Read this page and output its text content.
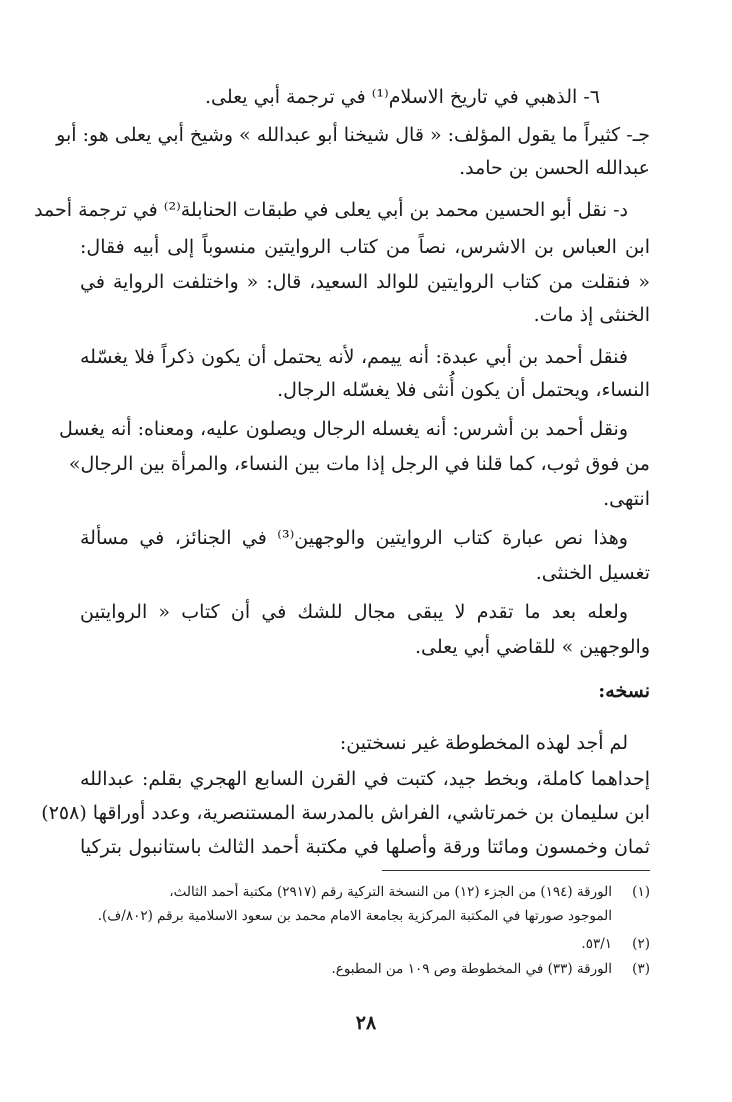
٦- الذهبي في تاريخ الاسلام⁽¹⁾ في ترجمة أبي يعلى.
جـ- كثيراً ما يقول المؤلف: « قال شيخنا أبو عبدالله » وشيخ أبي يعلى هو: أبو
عبدالله الحسن بن حامد.
د- نقل أبو الحسين محمد بن أبي يعلى في طبقات الحنابلة⁽²⁾ في ترجمة أحمد
ابن العباس بن الاشرس، نصاً من كتاب الروايتين منسوباً إلى أبيه فقال:
« فنقلت من كتاب الروايتين للوالد السعيد، قال: « واختلفت الرواية في
الخنثى إذ مات.
فنقل أحمد بن أبي عبدة: أنه ييمم، لأنه يحتمل أن يكون ذكراً فلا يغسّله
النساء، ويحتمل أن يكون أُنثى فلا يغسّله الرجال.
ونقل أحمد بن أشرس: أنه يغسله الرجال ويصلون عليه، ومعناه: أنه يغسل
من فوق ثوب، كما قلنا في الرجل إذا مات بين النساء، والمرأة بين الرجال»
انتهى.
وهذا نص عبارة كتاب الروايتين والوجهين⁽³⁾ في الجنائز، في مسألة
تغسيل الخنثى.
ولعله بعد ما تقدم لا يبقى مجال للشك في أن كتاب « الروايتين
والوجهين » للقاضي أبي يعلى.
لم أجد لهذه المخطوطة غير نسختين:
إحداهما كاملة، وبخط جيد، كتبت في القرن السابع الهجري بقلم: عبدالله
ابن سليمان بن خمرتاشي، الفراش بالمدرسة المستنصرية، وعدد أوراقها (٢٥٨)
ثمان وخمسون ومائتا ورقة وأصلها في مكتبة أحمد الثالث باستانبول بتركيا
نسخه:
(١)الورقة (١٩٤) من الجزء (١٢) من النسخة التركية رقم (٢٩١٧) مكتبة أحمد الثالث،
الموجود صورتها في المكتبة المركزية بجامعة الامام محمد بن سعود الاسلامية برقم (٨٠٢/ف).
(٢)٥٣/١.
(٣)الورقة (٣٣) في المخطوطة وص ١٠٩ من المطبوع.
٢٨
